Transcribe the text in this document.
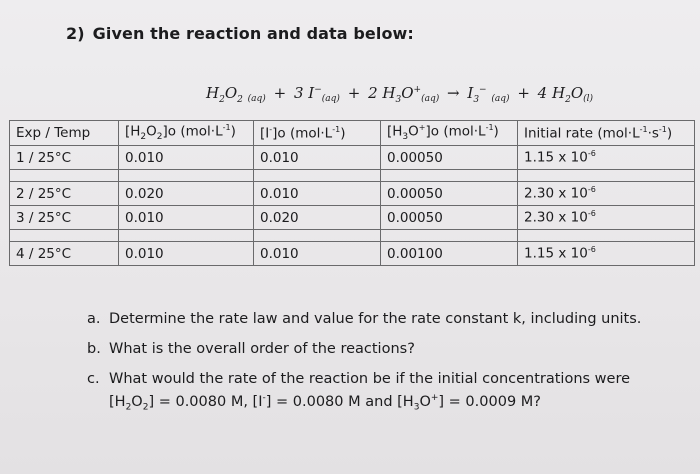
2) Given the reaction and data below:
$H_2O_2$ $_{(aq)}$ + 3 $I^-_{(aq)} + 2$ $H_3O^+_{(aq)} \to I_3^-$ $_{(aq)}$ + 4 $H_2O_{(l)}$
Exp / Temp	$[H_2O_2]o$ $(mol\cdot L^{-1})$	[I-]o $(mol\cdot L^{-1})$	$[H_3O^+]o$ $(mol\cdot L^{-1})$	Initial rate $(mol\cdot L^{-1}\cdot s^{-1})$
1 / 25°C	0.010	0.010	0.00050	1.15 x $10^{-6}$

2 / 25°C	0.020	0.010	0.00050	2.30 x $10^{-6}$
3 / 25°C	0.010	0.020	0.00050	2.30 x $10^{-6}$

4 / 25°C	0.010	0.010	0.00100	1.15 x $10^{-6}$
a. Determine the rate law and value for the rate constant k, including units.
b. What is the overall order of the reactions?
c. What would the rate of the reaction be if the initial concentrations were $[H_2O_2] = 0.0080$ M, [I-] = 0.0080 M and $[H_3O^+] = 0.0009$ M?
